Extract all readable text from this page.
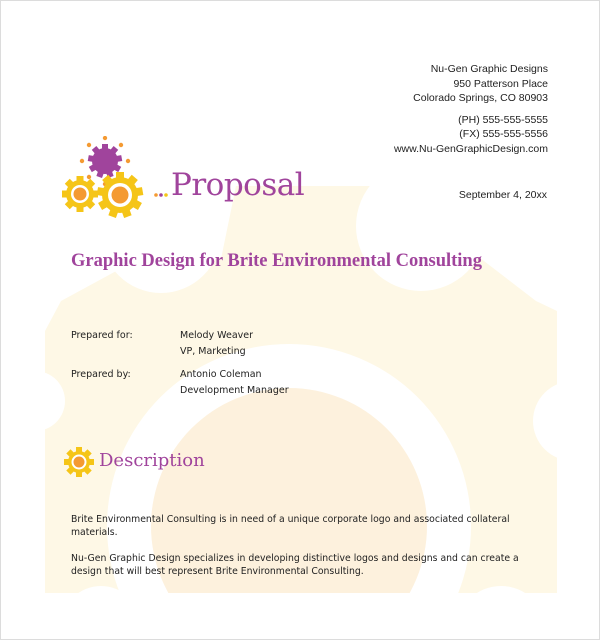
Nu-Gen Graphic Designs
950 Patterson Place
Colorado Springs, CO 80903
(PH) 555-555-5555
(FX) 555-555-5556
www.Nu-GenGraphicDesign.com
Proposal	September 4, 20xx
Graphic Design for Brite Environmental Consulting
Prepared for:	Melody Weaver
VP, Marketing
Prepared by:	Antonio Coleman
Development Manager
Description
Brite Environmental Consulting is in need of a unique corporate logo and associated collateral materials.
Nu-Gen Graphic Design specializes in developing distinctive logos and designs and can create a design that will best represent Brite Environmental Consulting.
